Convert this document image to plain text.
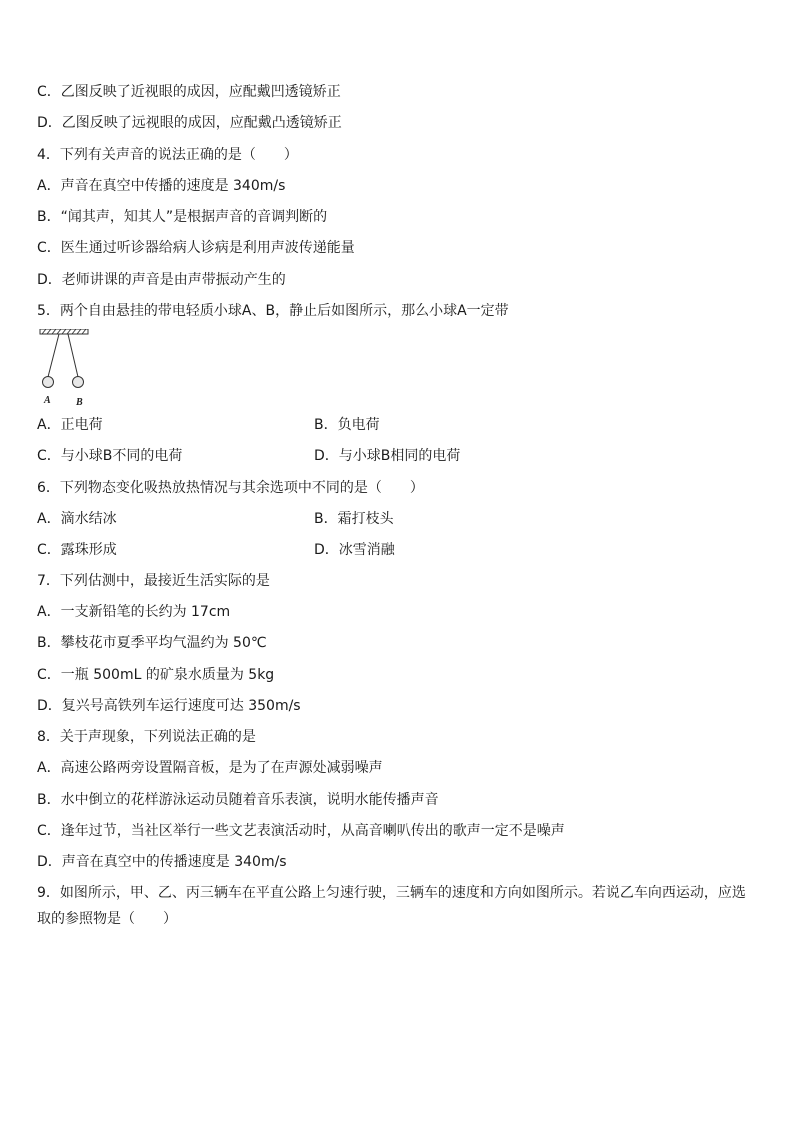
C．乙图反映了近视眼的成因，应配戴凹透镜矫正
D．乙图反映了远视眼的成因，应配戴凸透镜矫正
4．下列有关声音的说法正确的是（　　）
A．声音在真空中传播的速度是 340m/s
B．“闻其声，知其人”是根据声音的音调判断的
C．医生通过听诊器给病人诊病是利用声波传递能量
D．老师讲课的声音是由声带振动产生的
5．两个自由悬挂的带电轻质小球A、B，静止后如图所示，那么小球A一定带
A	B
A．正电荷	B．负电荷
C．与小球B不同的电荷	D．与小球B相同的电荷
6．下列物态变化吸热放热情况与其余选项中不同的是（　　）
A．滴水结冰	B．霜打枝头
C．露珠形成	D．冰雪消融
7．下列估测中，最接近生活实际的是
A．一支新铅笔的长约为 17cm
B．攀枝花市夏季平均气温约为 50℃
C．一瓶 500mL 的矿泉水质量为 5kg
D．复兴号高铁列车运行速度可达 350m/s
8．关于声现象，下列说法正确的是
A．高速公路两旁设置隔音板，是为了在声源处减弱噪声
B．水中倒立的花样游泳运动员随着音乐表演，说明水能传播声音
C．逢年过节，当社区举行一些文艺表演活动时，从高音喇叭传出的歌声一定不是噪声
D．声音在真空中的传播速度是 340m/s
9．如图所示，甲、乙、丙三辆车在平直公路上匀速行驶，三辆车的速度和方向如图所示。若说乙车向西运动，应选取的参照物是（　　）
